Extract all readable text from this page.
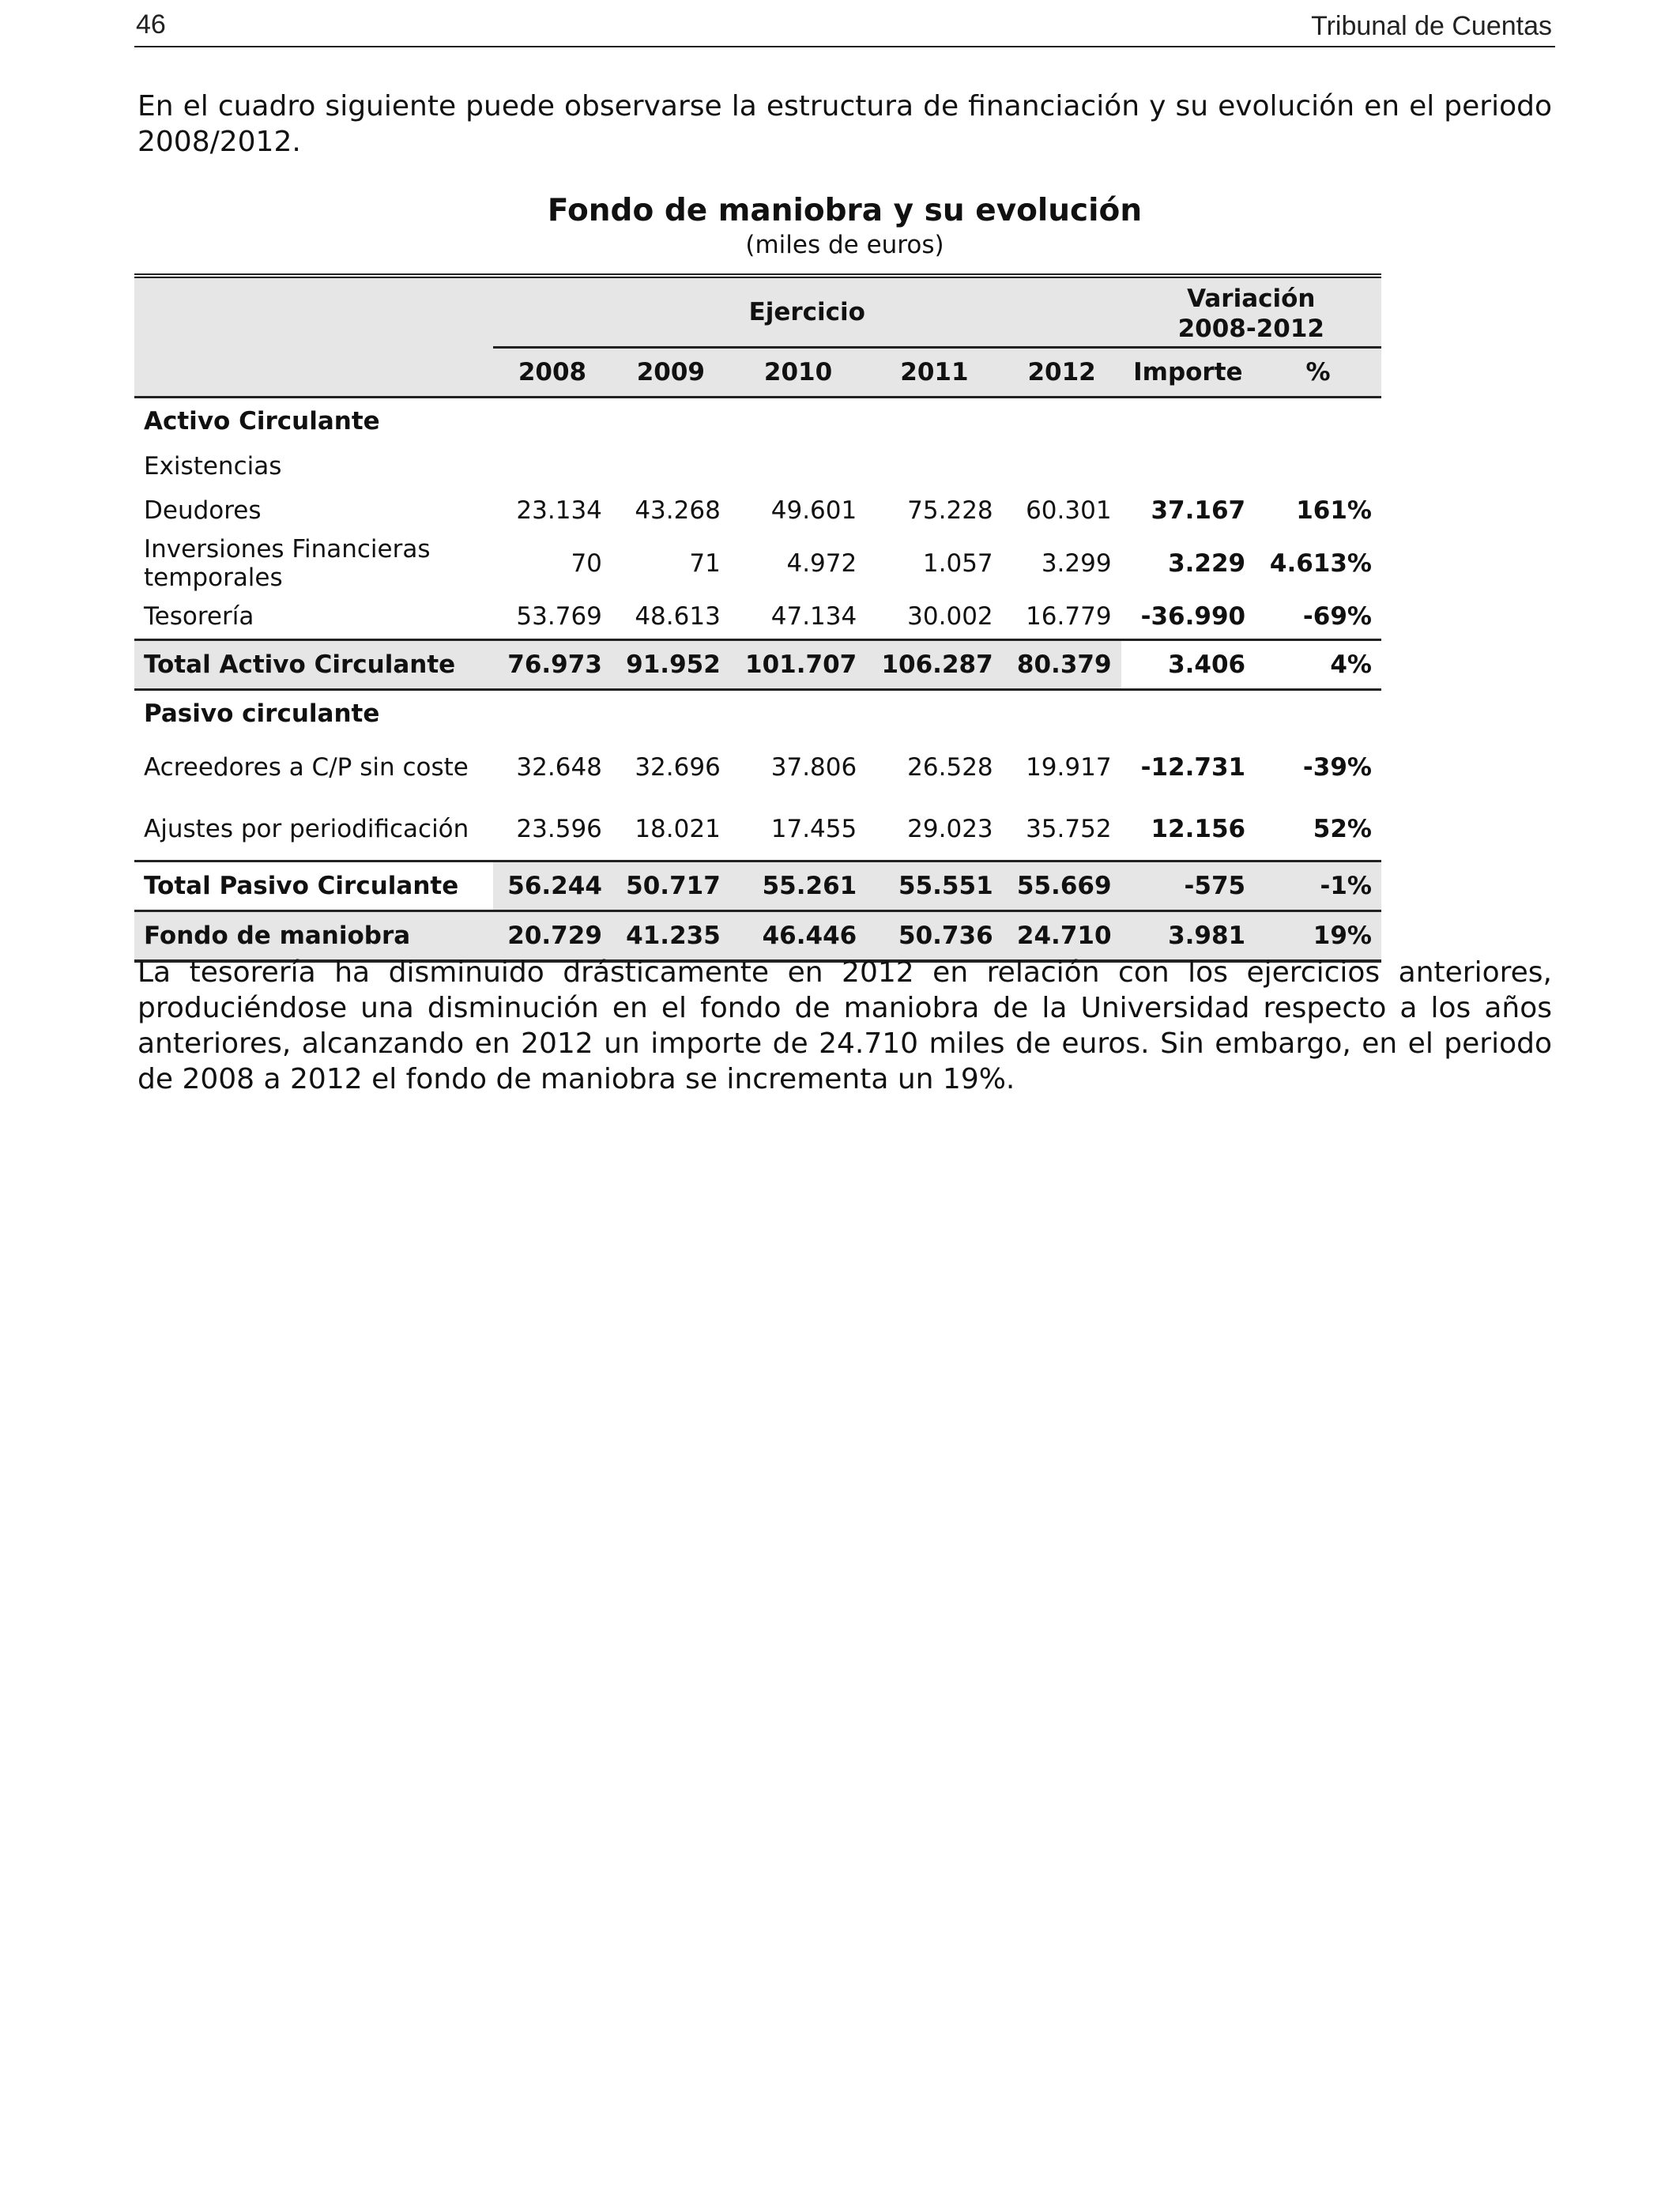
46	Tribunal de Cuentas

En el cuadro siguiente puede observarse la estructura de financiación y su evolución en el periodo 2008/2012.

Fondo de maniobra y su evolución
(miles de euros)
	Ejercicio					Variación
2008-2012	

	2008	2009	2010	2011	2012	Importe	%
Activo Circulante							
Existencias							
Deudores	23.134	43.268	49.601	75.228	60.301	37.167	161%
Inversiones Financieras temporales	70	71	4.972	1.057	3.299	3.229	4.613%
Tesorería	53.769	48.613	47.134	30.002	16.779	-36.990	-69%
Total Activo Circulante	76.973	91.952	101.707	106.287	80.379	3.406	4%
Pasivo circulante							
Acreedores a C/P sin coste	32.648	32.696	37.806	26.528	19.917	-12.731	-39%
Ajustes por periodificación	23.596	18.021	17.455	29.023	35.752	12.156	52%
Total Pasivo Circulante	56.244	50.717	55.261	55.551	55.669	-575	-1%
Fondo de maniobra	20.729	41.235	46.446	50.736	24.710	3.981	19%

La tesorería ha disminuido drásticamente en 2012 en relación con los ejercicios anteriores, produciéndose una disminución en el fondo de maniobra de la Universidad respecto a los años anteriores, alcanzando en 2012 un importe de 24.710 miles de euros. Sin embargo, en el periodo de 2008 a 2012 el fondo de maniobra se incrementa un 19%.
